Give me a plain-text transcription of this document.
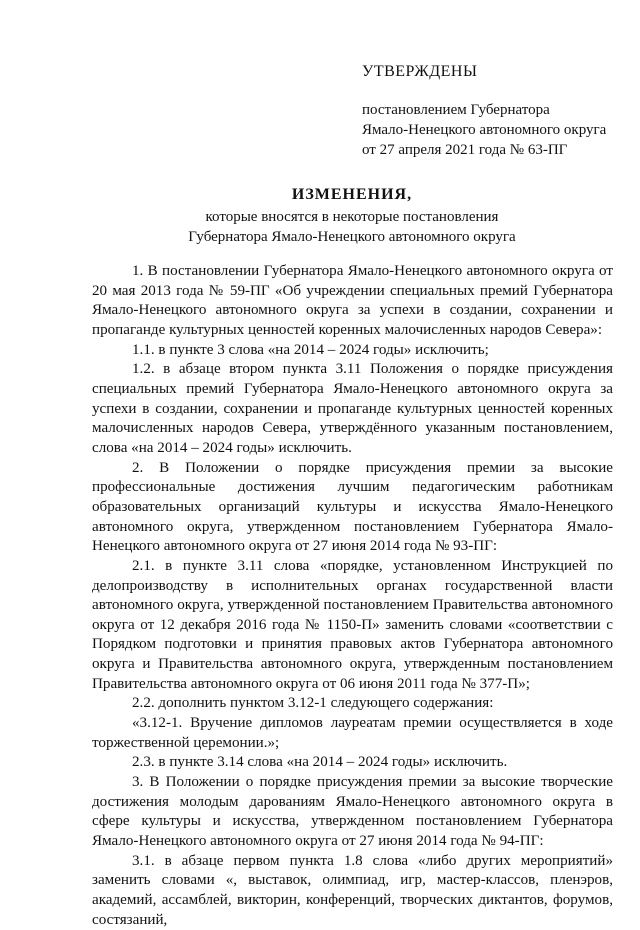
УТВЕРЖДЕНЫ
постановлением Губернатора
Ямало-Ненецкого автономного округа
от 27 апреля 2021 года № 63-ПГ
ИЗМЕНЕНИЯ,
которые вносятся в некоторые постановления
Губернатора Ямало-Ненецкого автономного округа

1. В постановлении Губернатора Ямало-Ненецкого автономного округа от 20 мая 2013 года № 59-ПГ «Об учреждении специальных премий Губернатора Ямало-Ненецкого автономного округа за успехи в создании, сохранении и пропаганде культурных ценностей коренных малочисленных народов Севера»:

1.1. в пункте 3 слова «на 2014 – 2024 годы» исключить;

1.2. в абзаце втором пункта 3.11 Положения о порядке присуждения специальных премий Губернатора Ямало-Ненецкого автономного округа за успехи в создании, сохранении и пропаганде культурных ценностей коренных малочисленных народов Севера, утверждённого указанным постановлением, слова «на 2014 – 2024 годы» исключить.

2. В Положении о порядке присуждения премии за высокие профессиональные достижения лучшим педагогическим работникам образовательных организаций культуры и искусства Ямало-Ненецкого автономного округа, утвержденном постановлением Губернатора Ямало-Ненецкого автономного округа от 27 июня 2014 года № 93-ПГ:

2.1. в пункте 3.11 слова «порядке, установленном Инструкцией по делопроизводству в исполнительных органах государственной власти автономного округа, утвержденной постановлением Правительства автономного округа от 12 декабря 2016 года № 1150-П» заменить словами «соответствии с Порядком подготовки и принятия правовых актов Губернатора автономного округа и Правительства автономного округа, утвержденным постановлением Правительства автономного округа от 06 июня 2011 года № 377-П»;

2.2. дополнить пунктом 3.12-1 следующего содержания:

«3.12-1. Вручение дипломов лауреатам премии осуществляется в ходе торжественной церемонии.»;

2.3. в пункте 3.14 слова «на 2014 – 2024 годы» исключить.

3. В Положении о порядке присуждения премии за высокие творческие достижения молодым дарованиям Ямало-Ненецкого автономного округа в сфере культуры и искусства, утвержденном постановлением Губернатора Ямало-Ненецкого автономного округа от 27 июня 2014 года № 94-ПГ:

3.1. в абзаце первом пункта 1.8 слова «либо других мероприятий» заменить словами «, выставок, олимпиад, игр, мастер-классов, пленэров, академий, ассамблей, викторин, конференций, творческих диктантов, форумов, состязаний,
